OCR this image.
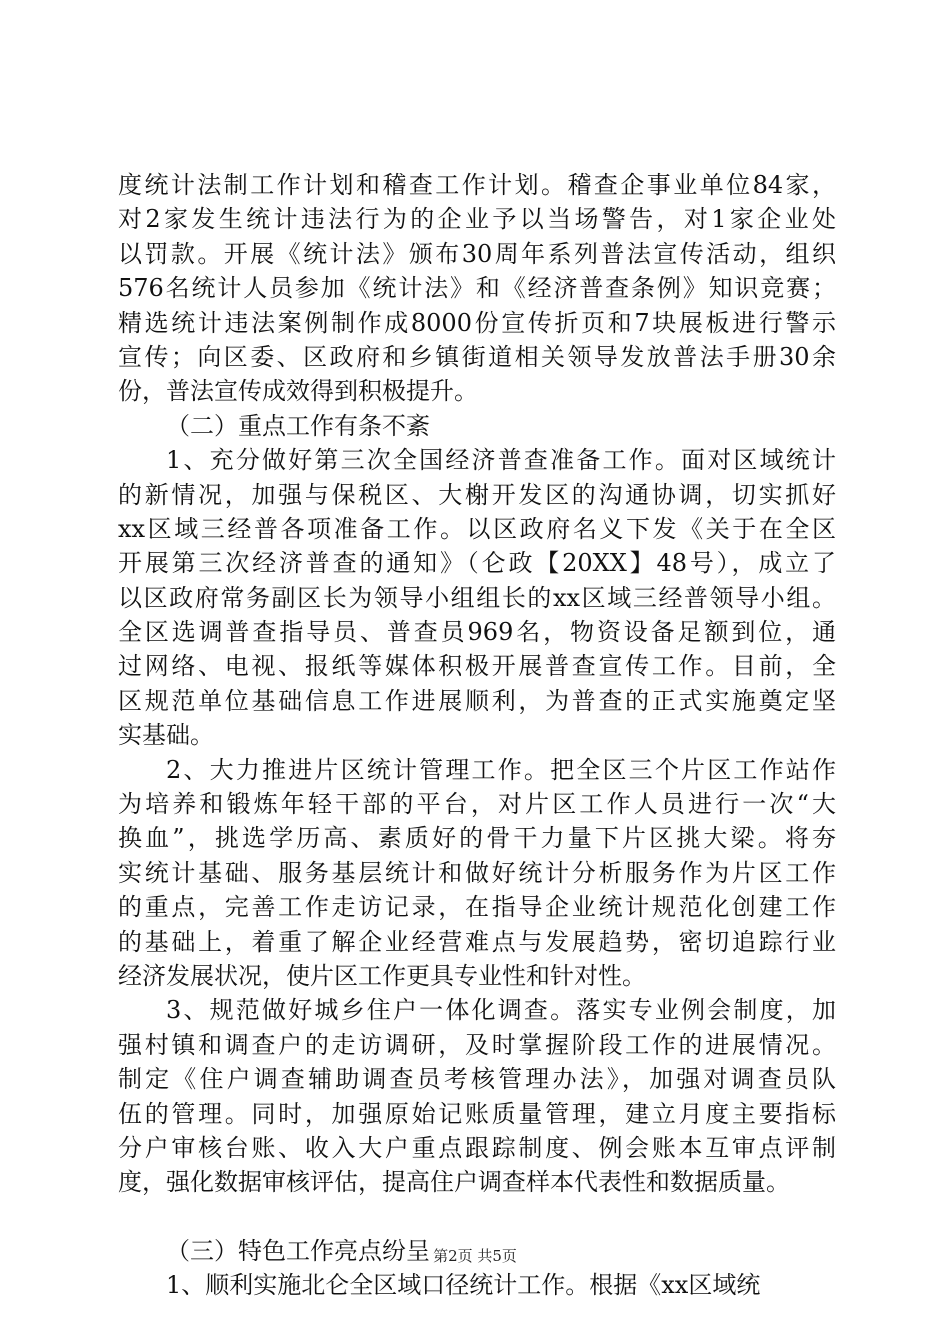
度统计法制工作计划和稽查工作计划。稽查企事业单位84家，
对2家发生统计违法行为的企业予以当场警告，对1家企业处
以罚款。开展《统计法》颁布30周年系列普法宣传活动，组织
576名统计人员参加《统计法》和《经济普查条例》知识竞赛；
精选统计违法案例制作成8000份宣传折页和7块展板进行警示
宣传；向区委、区政府和乡镇街道相关领导发放普法手册30余
份，普法宣传成效得到积极提升。
（二）重点工作有条不紊
1、充分做好第三次全国经济普查准备工作。面对区域统计
的新情况，加强与保税区、大榭开发区的沟通协调，切实抓好
xx区域三经普各项准备工作。以区政府名义下发《关于在全区
开展第三次经济普查的通知》（仑政【20XX】48号），成立了
以区政府常务副区长为领导小组组长的xx区域三经普领导小组。
全区选调普查指导员、普查员969名，物资设备足额到位，通
过网络、电视、报纸等媒体积极开展普查宣传工作。目前，全
区规范单位基础信息工作进展顺利，为普查的正式实施奠定坚
实基础。
2、大力推进片区统计管理工作。把全区三个片区工作站作
为培养和锻炼年轻干部的平台，对片区工作人员进行一次“大
换血”，挑选学历高、素质好的骨干力量下片区挑大梁。将夯
实统计基础、服务基层统计和做好统计分析服务作为片区工作
的重点，完善工作走访记录，在指导企业统计规范化创建工作
的基础上，着重了解企业经营难点与发展趋势，密切追踪行业
经济发展状况，使片区工作更具专业性和针对性。
3、规范做好城乡住户一体化调查。落实专业例会制度，加
强村镇和调查户的走访调研，及时掌握阶段工作的进展情况。
制定《住户调查辅助调查员考核管理办法》，加强对调查员队
伍的管理。同时，加强原始记账质量管理，建立月度主要指标
分户审核台账、收入大户重点跟踪制度、例会账本互审点评制
度，强化数据审核评估，提高住户调查样本代表性和数据质量。
（三）特色工作亮点纷呈
1、顺利实施北仑全区域口径统计工作。根据《xx区域统
第2页 共5页
